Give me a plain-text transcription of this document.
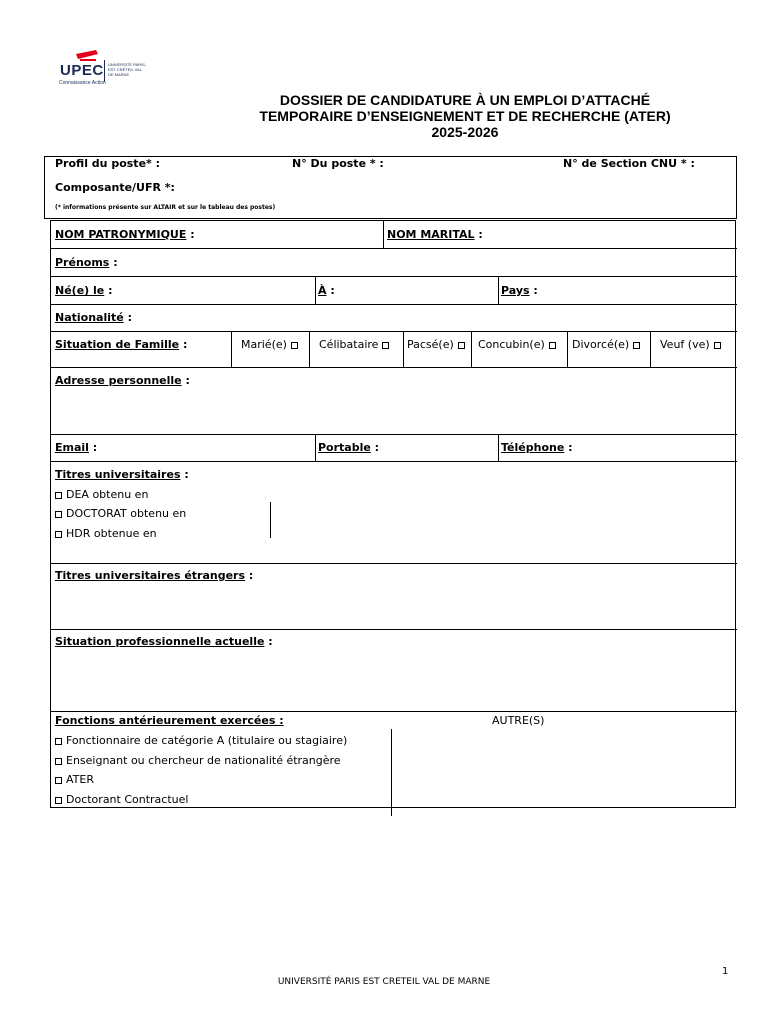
UPEC
Connaissance Action
UNIVERSITÉ PARIS-EST CRÉTEIL VAL DE MARNE
DOSSIER DE CANDIDATURE À UN EMPLOI D’ATTACHÉ
TEMPORAIRE D’ENSEIGNEMENT ET DE RECHERCHE (ATER)
2025-2026
Profil du poste* :	N° Du poste * :	N° de Section CNU * :
Composante/UFR *:
(* informations présente sur ALTAIR et sur le tableau des postes)
NOM PATRONYMIQUE :	NOM MARITAL :
Prénoms :
Né(e) le :	À :	Pays :
Nationalité :
Situation de Famille :	Marié(e)	Célibataire	Pacsé(e)	Concubin(e)	Divorcé(e)	Veuf (ve)
Adresse personnelle :
Email :	Portable :	Téléphone :
Titres universitaires :
DEA obtenu en
DOCTORAT obtenu en
HDR obtenue en
Titres universitaires étrangers :
Situation professionnelle actuelle :
Fonctions antérieurement exercées :	AUTRE(S)
Fonctionnaire de catégorie A (titulaire ou stagiaire)
Enseignant ou chercheur de nationalité étrangère
ATER
Doctorant Contractuel
1
UNIVERSITÉ PARIS EST CRETEIL VAL DE MARNE
